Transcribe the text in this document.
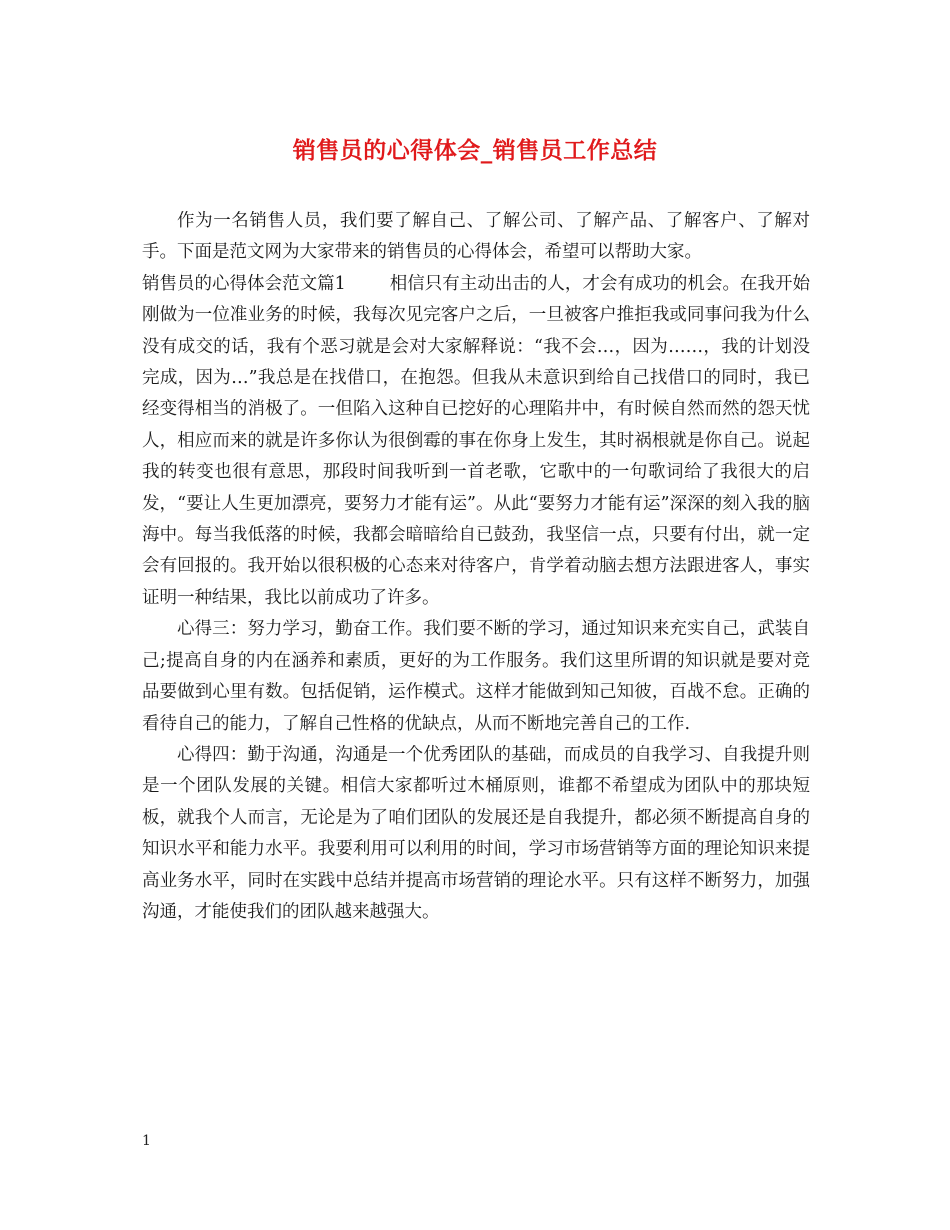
销售员的心得体会_销售员工作总结

作为一名销售人员，我们要了解自己、了解公司、了解产品、了解客户、了解对手。下面是范文网为大家带来的销售员的心得体会，希望可以帮助大家。

销售员的心得体会范文篇1	相信只有主动出击的人，才会有成功的机会。在我开始刚做为一位准业务的时候，我每次见完客户之后，一旦被客户推拒我或同事问我为什么没有成交的话，我有个恶习就是会对大家解释说：“我不会…，因为……，我的计划没完成，因为…”我总是在找借口，在抱怨。但我从未意识到给自己找借口的同时，我已经变得相当的消极了。一但陷入这种自已挖好的心理陷井中，有时候自然而然的怨天忧人，相应而来的就是许多你认为很倒霉的事在你身上发生，其时祸根就是你自己。说起我的转变也很有意思，那段时间我听到一首老歌，它歌中的一句歌词给了我很大的启发，“要让人生更加漂亮，要努力才能有运”。从此“要努力才能有运”深深的刻入我的脑海中。每当我低落的时候，我都会暗暗给自已鼓劲，我坚信一点，只要有付出，就一定会有回报的。我开始以很积极的心态来对待客户，肯学着动脑去想方法跟进客人，事实证明一种结果，我比以前成功了许多。

心得三：努力学习，勤奋工作。我们要不断的学习，通过知识来充实自己，武装自己;提高自身的内在涵养和素质，更好的为工作服务。我们这里所谓的知识就是要对竞品要做到心里有数。包括促销，运作模式。这样才能做到知己知彼，百战不怠。正确的看待自己的能力，了解自己性格的优缺点，从而不断地完善自己的工作.

心得四：勤于沟通，沟通是一个优秀团队的基础，而成员的自我学习、自我提升则是一个团队发展的关键。相信大家都听过木桶原则，谁都不希望成为团队中的那块短板，就我个人而言，无论是为了咱们团队的发展还是自我提升，都必须不断提高自身的知识水平和能力水平。我要利用可以利用的时间，学习市场营销等方面的理论知识来提高业务水平，同时在实践中总结并提高市场营销的理论水平。只有这样不断努力，加强沟通，才能使我们的团队越来越强大。

1
